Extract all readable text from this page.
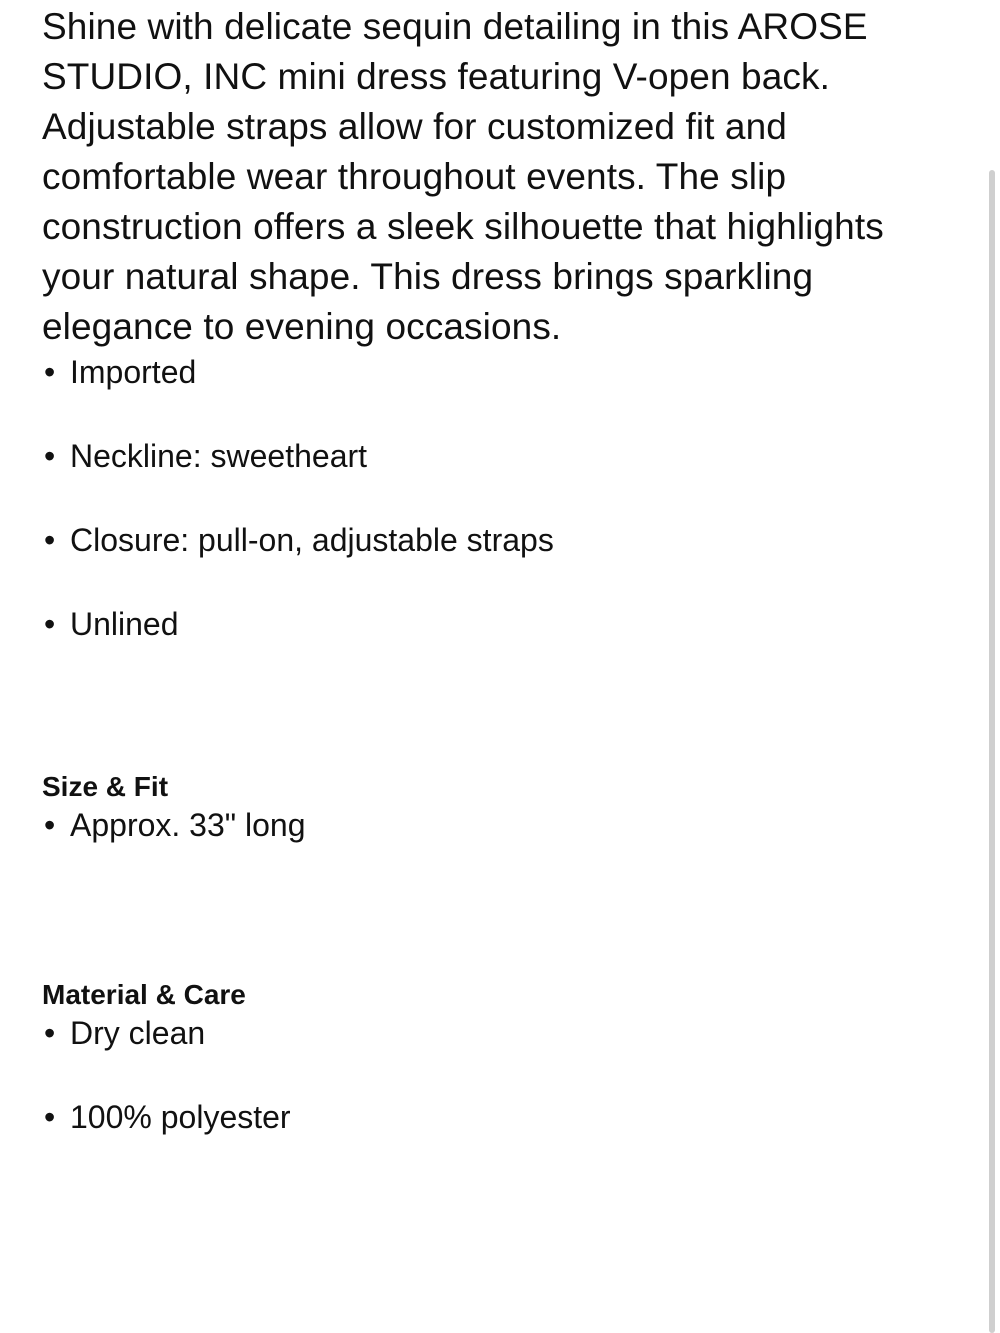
Shine with delicate sequin detailing in this AROSE STUDIO, INC mini dress featuring V-open back. Adjustable straps allow for customized fit and comfortable wear throughout events. The slip construction offers a sleek silhouette that highlights your natural shape. This dress brings sparkling elegance to evening occasions.

• Imported
• Neckline: sweetheart
• Closure: pull-on, adjustable straps
• Unlined
Size & Fit
• Approx. 33" long
Material & Care
• Dry clean
• 100% polyester
